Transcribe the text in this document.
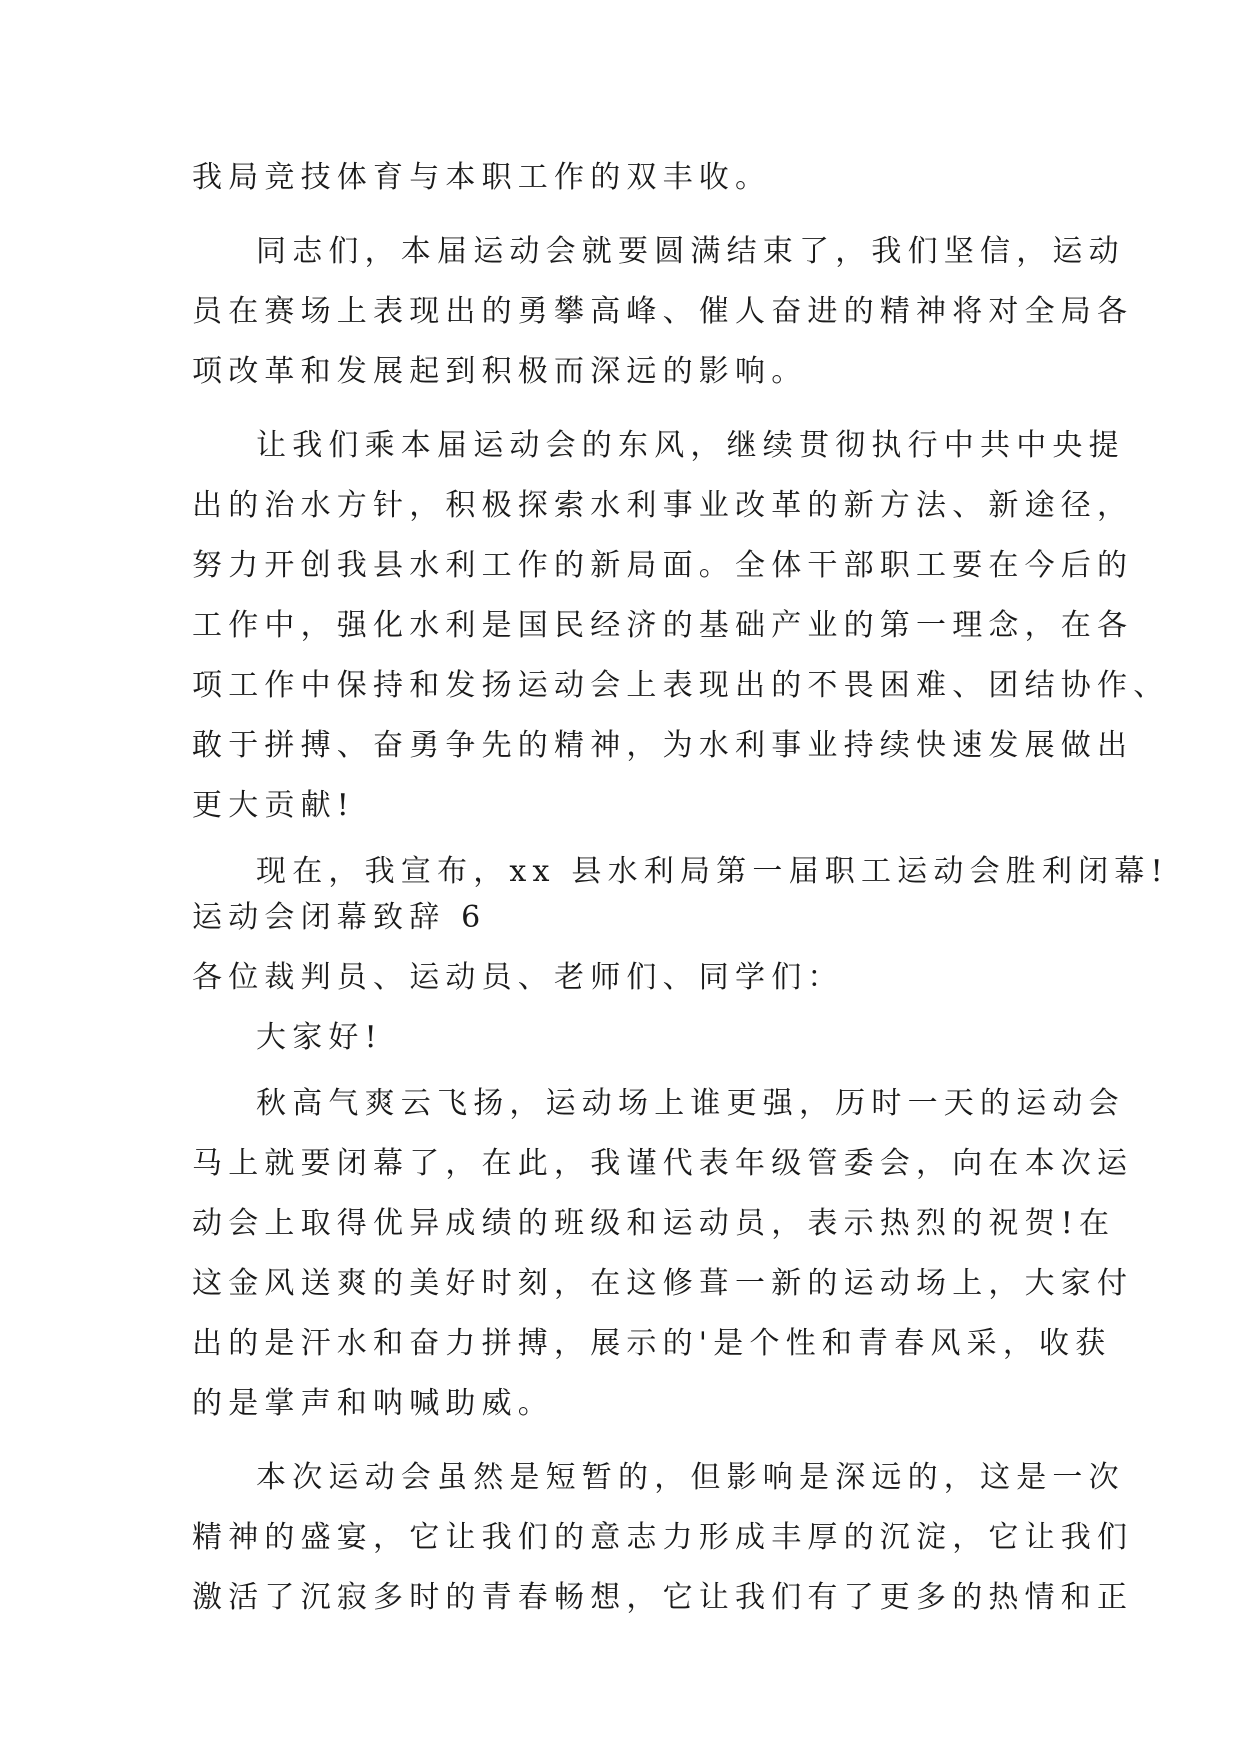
我局竞技体育与本职工作的双丰收。
同志们，本届运动会就要圆满结束了，我们坚信，运动
员在赛场上表现出的勇攀高峰、催人奋进的精神将对全局各
项改革和发展起到积极而深远的影响。
让我们乘本届运动会的东风，继续贯彻执行中共中央提
出的治水方针，积极探索水利事业改革的新方法、新途径，
努力开创我县水利工作的新局面。全体干部职工要在今后的
工作中，强化水利是国民经济的基础产业的第一理念，在各
项工作中保持和发扬运动会上表现出的不畏困难、团结协作、
敢于拼搏、奋勇争先的精神，为水利事业持续快速发展做出
更大贡献!
现在，我宣布，xx 县水利局第一届职工运动会胜利闭幕!
运动会闭幕致辞 6
各位裁判员、运动员、老师们、同学们：
大家好!
秋高气爽云飞扬，运动场上谁更强，历时一天的运动会
马上就要闭幕了，在此，我谨代表年级管委会，向在本次运
动会上取得优异成绩的班级和运动员，表示热烈的祝贺!在
这金风送爽的美好时刻，在这修葺一新的运动场上，大家付
出的是汗水和奋力拼搏，展示的'是个性和青春风采，收获
的是掌声和呐喊助威。
本次运动会虽然是短暂的，但影响是深远的，这是一次
精神的盛宴，它让我们的意志力形成丰厚的沉淀，它让我们
激活了沉寂多时的青春畅想，它让我们有了更多的热情和正
